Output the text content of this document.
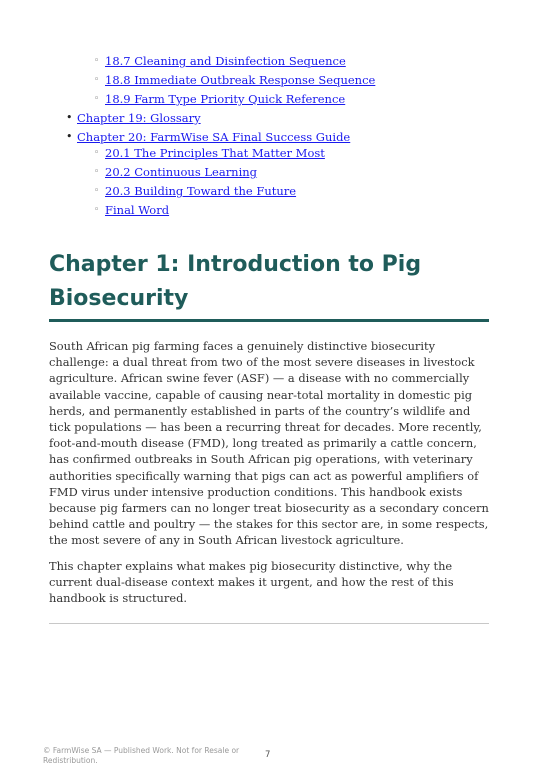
◦ 18.7 Cleaning and Disinfection Sequence
◦ 18.8 Immediate Outbreak Response Sequence
◦ 18.9 Farm Type Priority Quick Reference
• Chapter 19: Glossary
• Chapter 20: FarmWise SA Final Success Guide
◦ 20.1 The Principles That Matter Most
◦ 20.2 Continuous Learning
◦ 20.3 Building Toward the Future
◦ Final Word
Chapter 1: Introduction to Pig Biosecurity

South African pig farming faces a genuinely distinctive biosecurity challenge: a dual threat from two of the most severe diseases in livestock agriculture. African swine fever (ASF) — a disease with no commercially available vaccine, capable of causing near-total mortality in domestic pig herds, and permanently established in parts of the country’s wildlife and tick populations — has been a recurring threat for decades. More recently, foot-and-mouth disease (FMD), long treated as primarily a cattle concern, has confirmed outbreaks in South African pig operations, with veterinary authorities specifically warning that pigs can act as powerful amplifiers of FMD virus under intensive production conditions. This handbook exists because pig farmers can no longer treat biosecurity as a secondary concern behind cattle and poultry — the stakes for this sector are, in some respects, the most severe of any in South African livestock agriculture.

This chapter explains what makes pig biosecurity distinctive, why the current dual-disease context makes it urgent, and how the rest of this handbook is structured.

© FarmWise SA — Published Work. Not for Resale or Redistribution.
7
